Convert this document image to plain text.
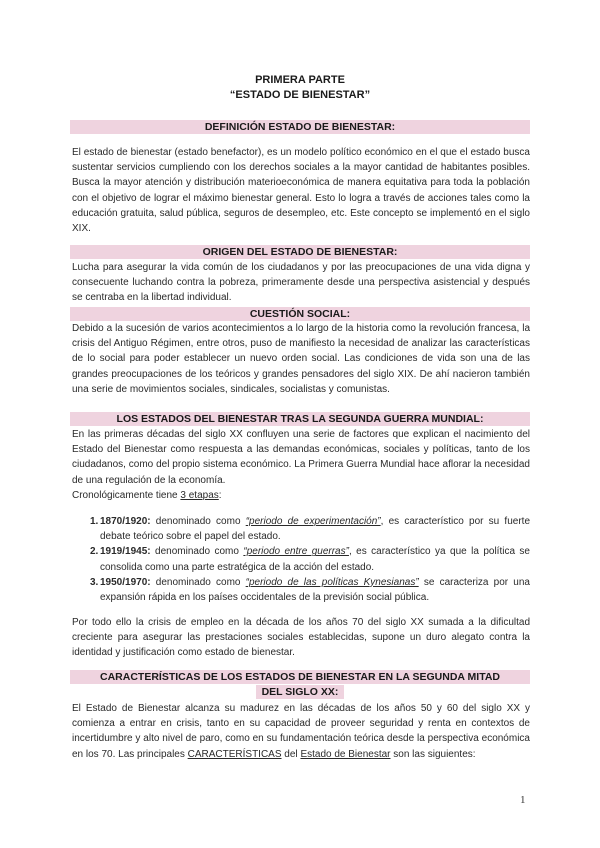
PRIMERA PARTE
“ESTADO DE BIENESTAR”
DEFINICIÓN ESTADO DE BIENESTAR:

El estado de bienestar (estado benefactor), es un modelo político económico en el que el estado busca sustentar servicios cumpliendo con los derechos sociales a la mayor cantidad de habitantes posibles. Busca la mayor atención y distribución materioeconómica de manera equitativa para toda la población con el objetivo de lograr el máximo bienestar general. Esto lo logra a través de acciones tales como la educación gratuita, salud pública, seguros de desempleo, etc. Este concepto se implementó en el siglo XIX.

ORIGEN DEL ESTADO DE BIENESTAR:

Lucha para asegurar la vida común de los ciudadanos y por las preocupaciones de una vida digna y consecuente luchando contra la pobreza, primeramente desde una perspectiva asistencial y después se centraba en la libertad individual.

CUESTIÓN SOCIAL:

Debido a la sucesión de varios acontecimientos a lo largo de la historia como la revolución francesa, la crisis del Antiguo Régimen, entre otros, puso de manifiesto la necesidad de analizar las características de lo social para poder establecer un nuevo orden social. Las condiciones de vida son una de las grandes preocupaciones de los teóricos y grandes pensadores del siglo XIX. De ahí nacieron también una serie de movimientos sociales, sindicales, socialistas y comunistas.

LOS ESTADOS DEL BIENESTAR TRAS LA SEGUNDA GUERRA MUNDIAL:

En las primeras décadas del siglo XX confluyen una serie de factores que explican el nacimiento del Estado del Bienestar como respuesta a las demandas económicas, sociales y políticas, tanto de los ciudadanos, como del propio sistema económico. La Primera Guerra Mundial hace aflorar la necesidad de una regulación de la economía.

Cronológicamente tiene 3 etapas:

1. 1870/1920: denominado como “periodo de experimentación”, es característico por su fuerte debate teórico sobre el papel del estado.
2. 1919/1945: denominado como “periodo entre guerras”, es característico ya que la política se consolida como una parte estratégica de la acción del estado.
3. 1950/1970: denominado como “periodo de las políticas Kynesianas” se caracteriza por una expansión rápida en los países occidentales de la previsión social pública.

Por todo ello la crisis de empleo en la década de los años 70 del siglo XX sumada a la dificultad creciente para asegurar las prestaciones sociales establecidas, supone un duro alegato contra la identidad y justificación como estado de bienestar.

CARACTERÍSTICAS DE LOS ESTADOS DE BIENESTAR EN LA SEGUNDA MITAD
DEL SIGLO XX:

El Estado de Bienestar alcanza su madurez en las décadas de los años 50 y 60 del siglo XX y comienza a entrar en crisis, tanto en su capacidad de proveer seguridad y renta en contextos de incertidumbre y alto nivel de paro, como en su fundamentación teórica desde la perspectiva económica en los 70. Las principales CARACTERÍSTICAS del Estado de Bienestar son las siguientes:

1
